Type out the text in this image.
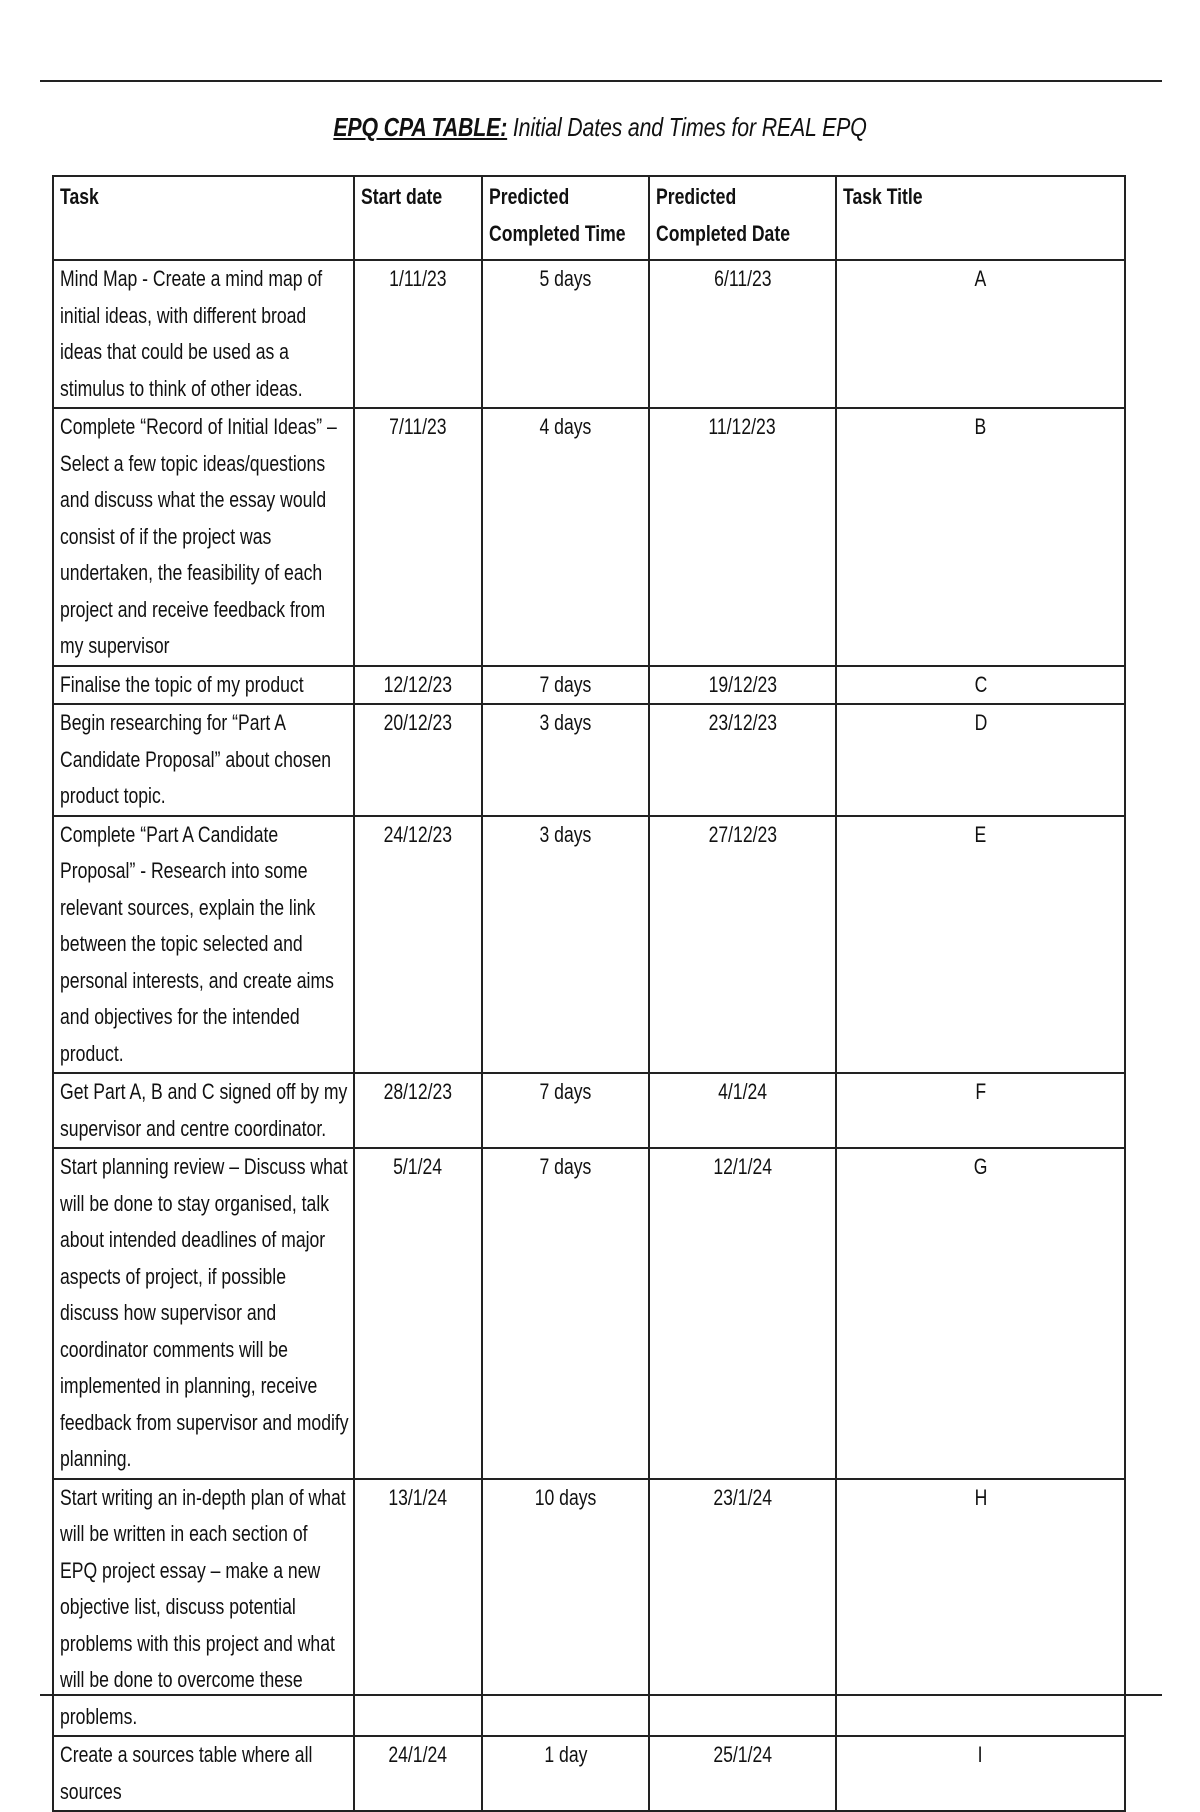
EPQ CPA TABLE: Initial Dates and Times for REAL EPQ
Task	Start date	Predicted Completed Time	Predicted Completed Date	Task Title
Mind Map - Create a mind map of initial ideas, with different broad ideas that could be used as a stimulus to think of other ideas.	1/11/23	5 days	6/11/23	A
Complete “Record of Initial Ideas” – Select a few topic ideas/questions and discuss what the essay would consist of if the project was undertaken, the feasibility of each project and receive feedback from my supervisor	7/11/23	4 days	11/12/23	B
Finalise the topic of my product	12/12/23	7 days	19/12/23	C
Begin researching for “Part A Candidate Proposal” about chosen product topic.	20/12/23	3 days	23/12/23	D
Complete “Part A Candidate Proposal” - Research into some relevant sources, explain the link between the topic selected and personal interests, and create aims and objectives for the intended product.	24/12/23	3 days	27/12/23	E
Get Part A, B and C signed off by my supervisor and centre coordinator.	28/12/23	7 days	4/1/24	F
Start planning review – Discuss what will be done to stay organised, talk about intended deadlines of major aspects of project, if possible discuss how supervisor and coordinator comments will be implemented in planning, receive feedback from supervisor and modify planning.	5/1/24	7 days	12/1/24	G
Start writing an in-depth plan of what will be written in each section of EPQ project essay – make a new objective list, discuss potential problems with this project and what will be done to overcome these problems.	13/1/24	10 days	23/1/24	H
Create a sources table where all sources	24/1/24	1 day	25/1/24	I
